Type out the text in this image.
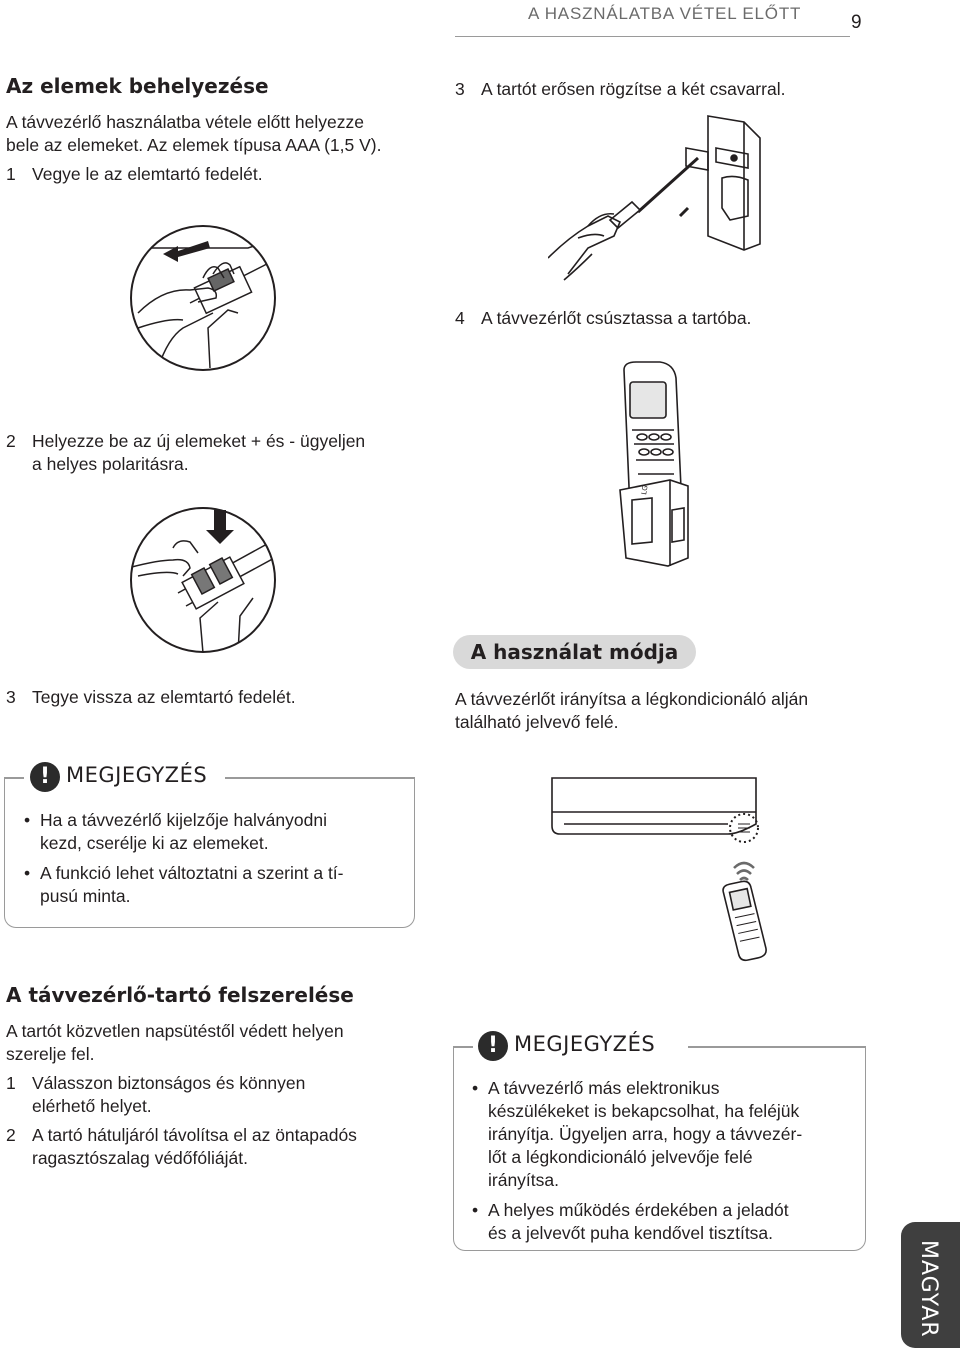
A HASZNÁLATBA VÉTEL ELŐTT	9
Az elemek behelyezése
A távvezérlő használatba vétele előtt helyezze
bele az elemeket. Az elemek típusa AAA (1,5 V).
1 Vegye le az elemtartó fedelét.
2 Helyezze be az új elemeket + és - ügyeljen
a helyes polaritásra.
3 Tegye vissza az elemtartó fedelét.
3 A tartót erősen rögzítse a két csavarral.
4 A távvezérlőt csúsztassa a tartóba.
LG
A használat módja
A távvezérlőt irányítsa a légkondicionáló alján
található jelvevő felé.
! MEGJEGYZÉS
• Ha a távvezérlő kijelzője halványodni
kezd, cserélje ki az elemeket.
• A funkció lehet változtatni a szerint a tí-
pusú minta.
A távvezérlő-tartó felszerelése
A tartót közvetlen napsütéstől védett helyen
szerelje fel.
1 Válasszon biztonságos és könnyen
elérhető helyet.
2 A tartó hátuljáról távolítsa el az öntapadós
ragasztószalag védőfóliáját.
! MEGJEGYZÉS
• A távvezérlő más elektronikus
készülékeket is bekapcsolhat, ha feléjük
irányítja. Ügyeljen arra, hogy a távvezér-
lőt a légkondicionáló jelvevője felé
irányítsa.
• A helyes működés érdekében a jeladót
és a jelvevőt puha kendővel tisztítsa.
MAGYAR
